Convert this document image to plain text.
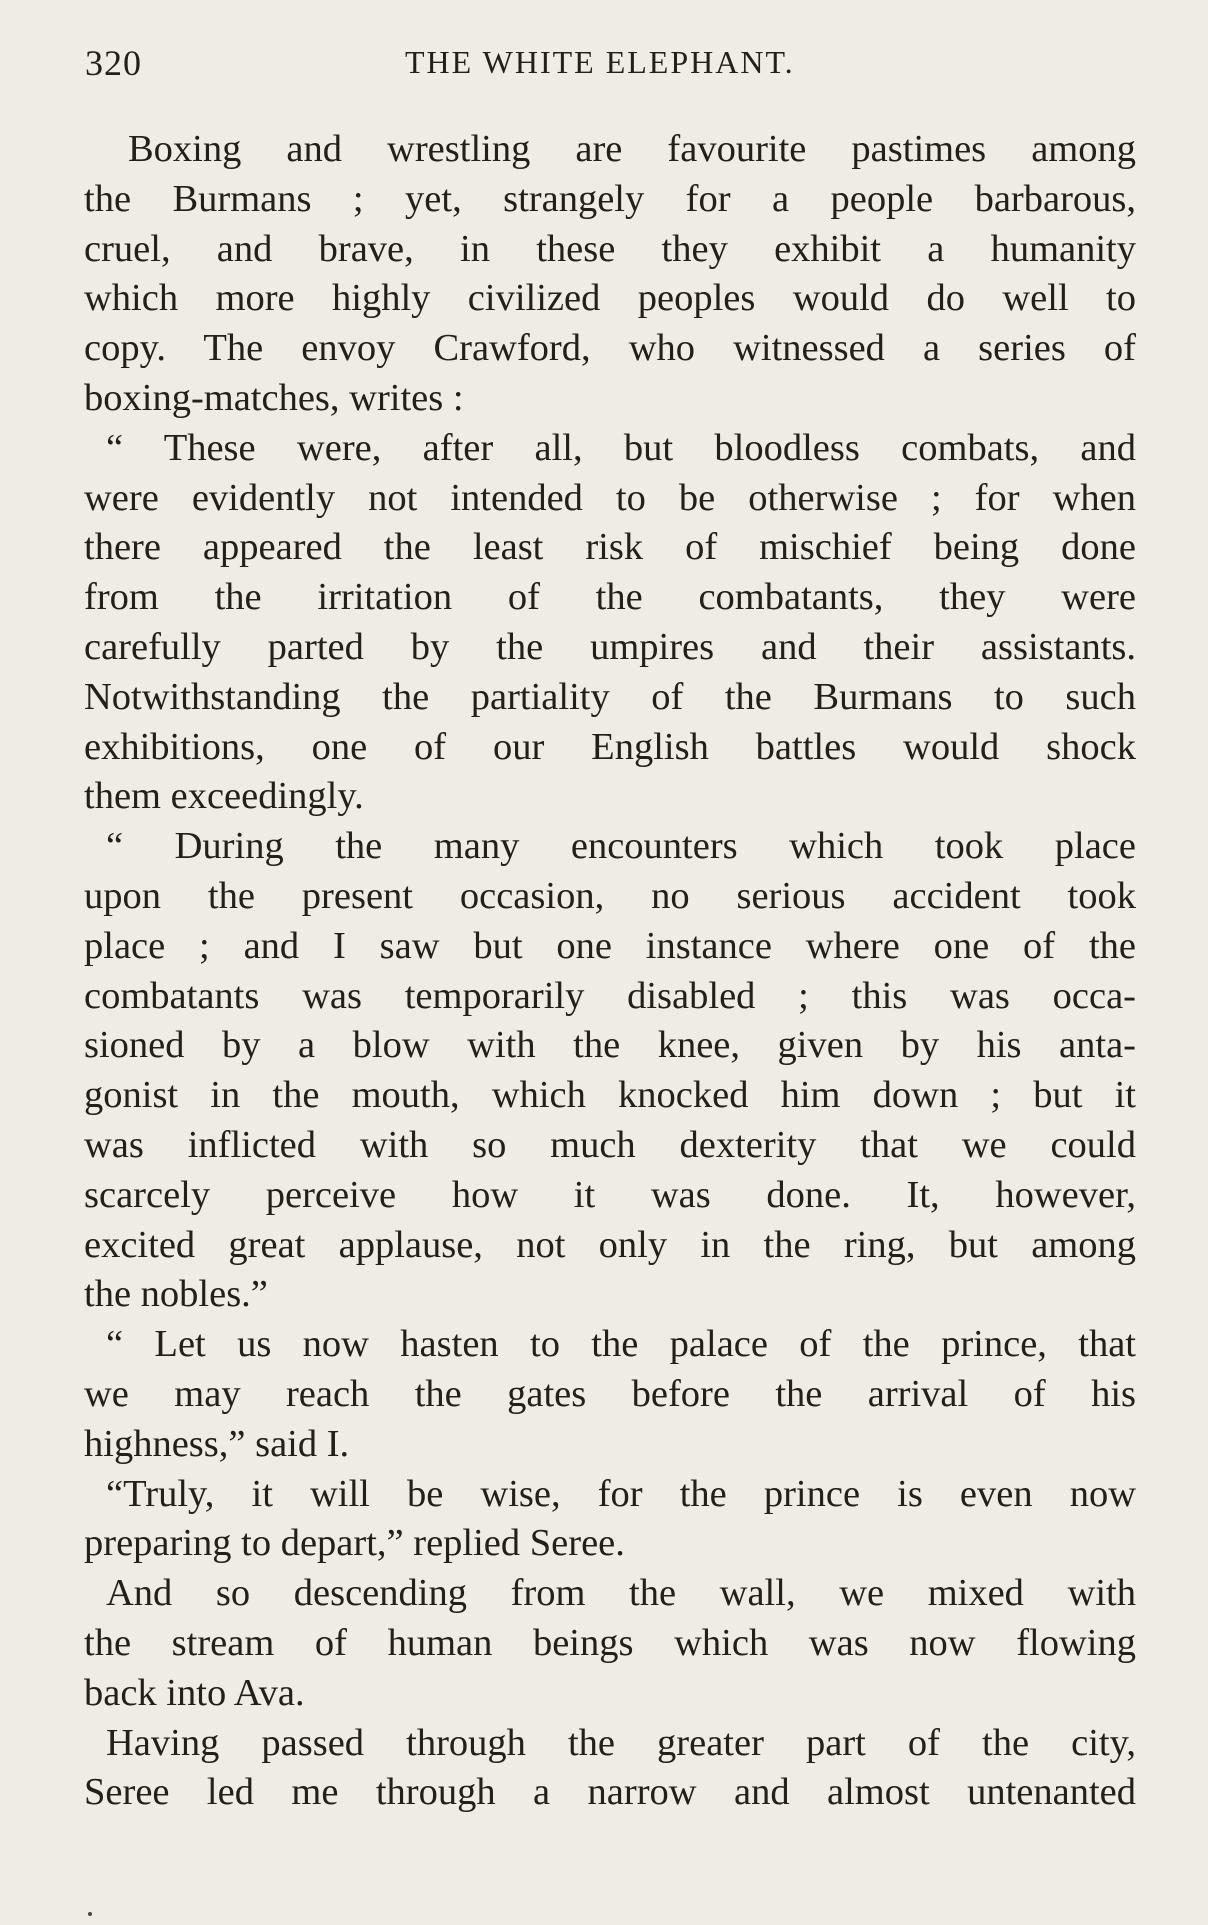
320	THE WHITE ELEPHANT.
Boxing and wrestling are favourite pastimes among
the Burmans ; yet, strangely for a people barbarous,
cruel, and brave, in these they exhibit a humanity
which more highly civilized peoples would do well to
copy. The envoy Crawford, who witnessed a series of
boxing-matches, writes :
“ These were, after all, but bloodless combats, and
were evidently not intended to be otherwise ; for when
there appeared the least risk of mischief being done
from the irritation of the combatants, they were
carefully parted by the umpires and their assistants.
Notwithstanding the partiality of the Burmans to such
exhibitions, one of our English battles would shock
them exceedingly.
“ During the many encounters which took place
upon the present occasion, no serious accident took
place ; and I saw but one instance where one of the
combatants was temporarily disabled ; this was occa-
sioned by a blow with the knee, given by his anta-
gonist in the mouth, which knocked him down ; but it
was inflicted with so much dexterity that we could
scarcely perceive how it was done. It, however,
excited great applause, not only in the ring, but among
the nobles.”
“ Let us now hasten to the palace of the prince, that
we may reach the gates before the arrival of his
highness,” said I.
“Truly, it will be wise, for the prince is even now
preparing to depart,” replied Seree.
And so descending from the wall, we mixed with
the stream of human beings which was now flowing
back into Ava.
Having passed through the greater part of the city,
Seree led me through a narrow and almost untenanted
